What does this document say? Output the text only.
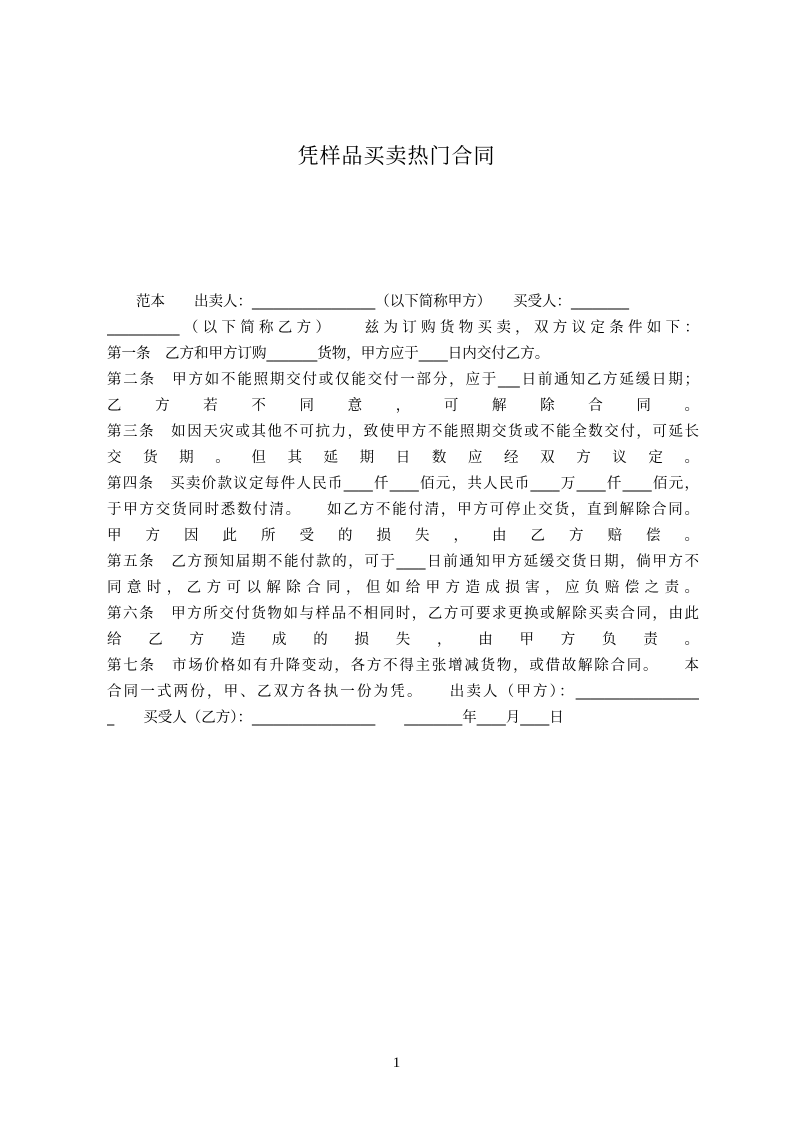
凭样品买卖热门合同
　　范本　　出卖人：_________________（以下简称甲方）　　买受人：________
__________（以下简称乙方）　　兹为订购货物买卖，双方议定条件如下：
第一条　乙方和甲方订购_______货物，甲方应于____日内交付乙方。
第二条　甲方如不能照期交付或仅能交付一部分，应于___日前通知乙方延缓日期；
乙 方 若 不 同 意 ， 可 解 除 合 同 。
第三条　如因天灾或其他不可抗力，致使甲方不能照期交货或不能全数交付，可延长
交 货 期 。 但 其 延 期 日 数 应 经 双 方 议 定 。
第四条　买卖价款议定每件人民币____仟____佰元，共人民币____万____仟____佰元，
于甲方交货同时悉数付清。　　如乙方不能付清，甲方可停止交货，直到解除合同。
甲 方 因 此 所 受 的 损 失 ， 由 乙 方 赔 偿 。
第五条　乙方预知届期不能付款的，可于____日前通知甲方延缓交货日期，倘甲方不
同意时，乙方可以解除合同，但如给甲方造成损害，应负赔偿之责。
第六条　甲方所交付货物如与样品不相同时，乙方可要求更换或解除买卖合同，由此
给 乙 方 造 成 的 损 失 ， 由 甲 方 负 责 。
第七条　市场价格如有升降变动，各方不得主张增减货物，或借故解除合同。　　本
合同一式两份，甲、乙双方各执一份为凭。　　出卖人（甲方）：_________________
_　　买受人（乙方）：_________________　　________年____月____日
1
